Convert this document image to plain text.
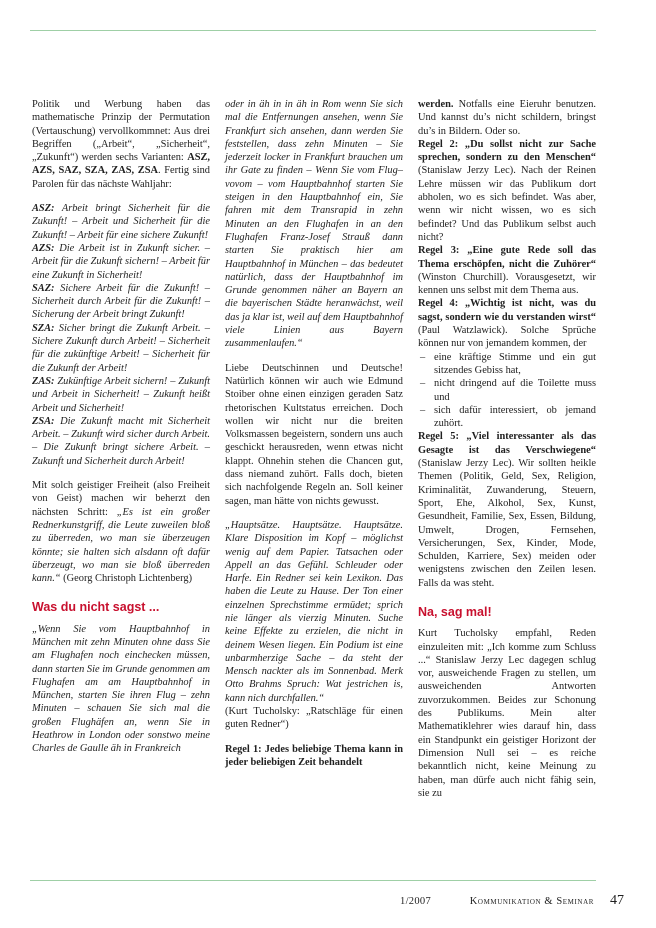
Politik und Werbung haben das mathematische Prinzip der Permutation (Vertauschung) vervollkommnet: Aus drei Begriffen („Arbeit“, „Sicherheit“, „Zukunft“) werden sechs Varianten: ASZ, AZS, SAZ, SZA, ZAS, ZSA. Fertig sind Parolen für das nächste Wahljahr:

ASZ: Arbeit bringt Sicherheit für die Zukunft! – Arbeit und Sicherheit für die Zukunft! – Arbeit für eine sichere Zukunft!

AZS: Die Arbeit ist in Zukunft sicher. – Arbeit für die Zukunft sichern! – Arbeit für eine Zukunft in Sicherheit!

SAZ: Sichere Arbeit für die Zukunft! – Sicherheit durch Arbeit für die Zukunft! – Sicherung der Arbeit bringt Zukunft!

SZA: Sicher bringt die Zukunft Arbeit. – Sichere Zukunft durch Arbeit! – Sicherheit für die zukünftige Arbeit! – Sicherheit für die Zukunft der Arbeit!

ZAS: Zukünftige Arbeit sichern! – Zukunft und Arbeit in Sicherheit! – Zukunft heißt Arbeit und Sicherheit!

ZSA: Die Zukunft macht mit Sicherheit Arbeit. – Zukunft wird sicher durch Arbeit. – Die Zukunft bringt sichere Arbeit. – Zukunft und Sicherheit durch Arbeit!

Mit solch geistiger Freiheit (also Freiheit von Geist) machen wir beherzt den nächsten Schritt: „Es ist ein großer Rednerkunstgriff, die Leute zuweilen bloß zu überreden, wo man sie überzeugen könnte; sie halten sich alsdann oft dafür überzeugt, wo man sie bloß überreden kann.“ (Georg Christoph Lichtenberg)

Was du nicht sagst ...

„Wenn Sie vom Hauptbahnhof in München mit zehn Minuten ohne dass Sie am Flughafen noch einchecken müssen, dann starten Sie im Grunde genommen am Flughafen am am Hauptbahnhof in München, starten Sie ihren Flug – zehn Minuten – schauen Sie sich mal die großen Flughäfen an, wenn Sie in Heathrow in London oder sonstwo meine Charles de Gaulle äh in Frankreich

oder in äh in in äh in Rom wenn Sie sich mal die Entfernungen ansehen, wenn Sie Frankfurt sich ansehen, dann werden Sie feststellen, dass zehn Minuten – Sie jederzeit locker in Frankfurt brauchen um ihr Gate zu finden – Wenn Sie vom Flug– vovom – vom Hauptbahnhof starten Sie steigen in den Hauptbahnhof ein, Sie fahren mit dem Transrapid in zehn Minuten an den Flughafen in an den Flughafen Franz-Josef Strauß dann starten Sie praktisch hier am Hauptbahnhof in München – das bedeutet natürlich, dass der Hauptbahnhof im Grunde genommen näher an Bayern an die bayerischen Städte heranwächst, weil das ja klar ist, weil auf dem Hauptbahnhof viele Linien aus Bayern zusammenlaufen.“

Liebe Deutschinnen und Deutsche! Natürlich können wir auch wie Edmund Stoiber ohne einen einzigen geraden Satz rhetorischen Kultstatus erreichen. Doch wollen wir nicht nur die breiten Volksmassen begeistern, sondern uns auch geschickt herausreden, wenn etwas nicht klappt. Ohnehin stehen die Chancen gut, dass niemand zuhört. Falls doch, bieten sich nachfolgende Regeln an. Soll keiner sagen, man hätte von nichts gewusst.

„Hauptsätze. Hauptsätze. Hauptsätze. Klare Disposition im Kopf – möglichst wenig auf dem Papier. Tatsachen oder Appell an das Gefühl. Schleuder oder Harfe. Ein Redner sei kein Lexikon. Das haben die Leute zu Hause. Der Ton einer einzelnen Sprechstimme ermüdet; sprich nie länger als vierzig Minuten. Suche keine Effekte zu erzielen, die nicht in deinem Wesen liegen. Ein Podium ist eine unbarmherzige Sache – da steht der Mensch nackter als im Sonnenbad. Merk Otto Brahms Spruch: Wat jestrichen is, kann nich durchfallen.“

(Kurt Tucholsky: „Ratschläge für einen guten Redner“)

Regel 1: Jedes beliebige Thema kann in jeder beliebigen Zeit behandelt

werden. Notfalls eine Eieruhr benutzen. Und kannst du’s nicht schildern, bringst du’s in Bildern. Oder so.

Regel 2: „Du sollst nicht zur Sache sprechen, sondern zu den Menschen“ (Stanislaw Jerzy Lec). Nach der Reinen Lehre müssen wir das Publikum dort abholen, wo es sich befindet. Was aber, wenn wir nicht wissen, wo es sich befindet? Und das Publikum selbst auch nicht?

Regel 3: „Eine gute Rede soll das Thema erschöpfen, nicht die Zuhörer“ (Winston Churchill). Vorausgesetzt, wir kennen uns selbst mit dem Thema aus.

Regel 4: „Wichtig ist nicht, was du sagst, sondern wie du verstanden wirst“ (Paul Watzlawick). Solche Sprüche können nur von jemandem kommen, der

– eine kräftige Stimme und ein gut sitzendes Gebiss hat,
– nicht dringend auf die Toilette muss und
– sich dafür interessiert, ob jemand zuhört.

Regel 5: „Viel interessanter als das Gesagte ist das Verschwiegene“ (Stanislaw Jerzy Lec). Wir sollten heikle Themen (Politik, Geld, Sex, Religion, Kriminalität, Zuwanderung, Steuern, Sport, Ehe, Alkohol, Sex, Kunst, Gesundheit, Familie, Sex, Essen, Bildung, Umwelt, Drogen, Fernsehen, Versicherungen, Sex, Kinder, Mode, Schulden, Karriere, Sex) meiden oder wenigstens zwischen den Zeilen lesen. Falls da was steht.

Na, sag mal!

Kurt Tucholsky empfahl, Reden einzuleiten mit: „Ich komme zum Schluss ...“ Stanislaw Jerzy Lec dagegen schlug vor, ausweichende Fragen zu stellen, um ausweichenden Antworten zuvorzukommen. Beides zur Schonung des Publikums. Mein alter Mathematiklehrer wies darauf hin, dass ein Standpunkt ein geistiger Horizont der Dimension Null sei – es reiche bekanntlich nicht, keine Meinung zu haben, man dürfe auch nicht fähig sein, sie zu

1/2007	Kommunikation & Seminar 47
